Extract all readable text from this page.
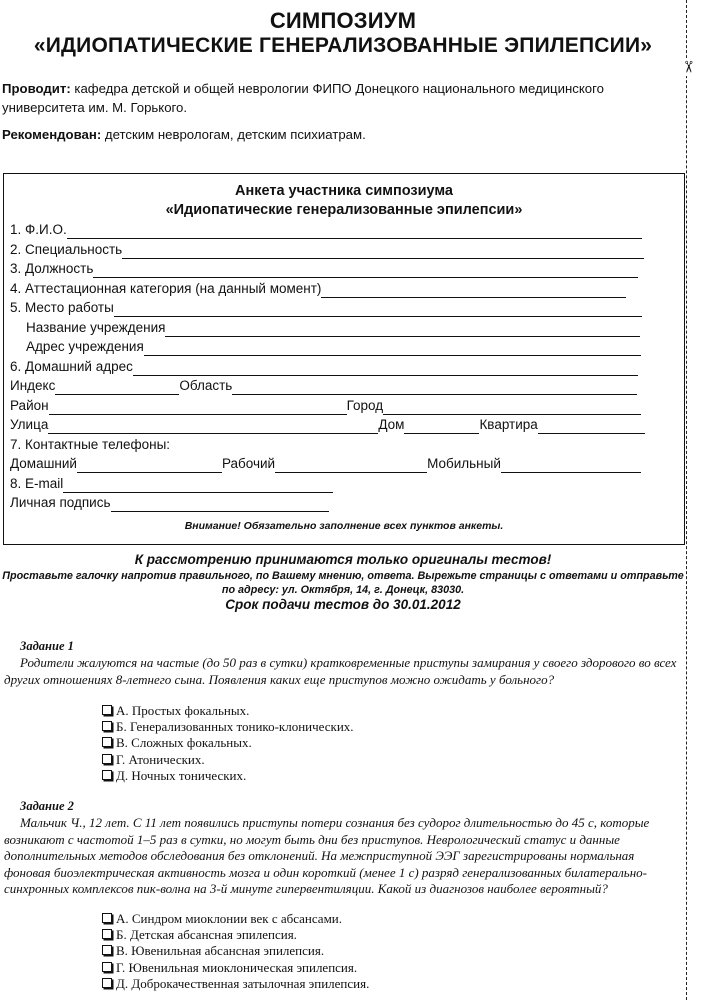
✂
СИМПОЗИУМ
«ИДИОПАТИЧЕСКИЕ ГЕНЕРАЛИЗОВАННЫЕ ЭПИЛЕПСИИ»
Проводит: кафедра детской и общей неврологии ФИПО Донецкого национального медицинского университета им. М. Горького.
Рекомендован: детским неврологам, детским психиатрам.
Анкета участника симпозиума
«Идиопатические генерализованные эпилепсии»
1. Ф.И.О.
2. Специальность
3. Должность
4. Аттестационная категория (на данный момент)
5. Место работы
Название учреждения
Адрес учреждения
6. Домашний адрес
Индекс	Область
Район	Город
Улица	Дом	Квартира
7. Контактные телефоны:
Домашний	Рабочий	Мобильный
8. E-mail
Личная подпись
Внимание! Обязательно заполнение всех пунктов анкеты.
К рассмотрению принимаются только оригиналы тестов!
Проставьте галочку напротив правильного, по Вашему мнению, ответа. Вырежьте страницы с ответами и отправьте по адресу: ул. Октября, 14, г. Донецк, 83030.
Срок подачи тестов до 30.01.2012
Задание 1
Родители жалуются на частые (до 50 раз в сутки) кратковременные приступы замирания у своего здорового во всех других отношениях 8-летнего сына. Появления каких еще приступов можно ожидать у больного?
А. Простых фокальных.
Б. Генерализованных тонико-клонических.
В. Сложных фокальных.
Г. Атонических.
Д. Ночных тонических.
Задание 2
Мальчик Ч., 12 лет. С 11 лет появились приступы потери сознания без судорог длительностью до 45 с, которые возникают с частотой 1–5 раз в сутки, но могут быть дни без приступов. Неврологический статус и данные дополнительных методов обследования без отклонений. На межприступной ЭЭГ зарегистрированы нормальная фоновая биоэлектрическая активность мозга и один короткий (менее 1 с) разряд генерализованных билатерально-синхронных комплексов пик-волна на 3-й минуте гипервентиляции. Какой из диагнозов наиболее вероятный?
А. Синдром миоклонии век с абсансами.
Б. Детская абсансная эпилепсия.
В. Ювенильная абсансная эпилепсия.
Г. Ювенильная миоклоническая эпилепсия.
Д. Доброкачественная затылочная эпилепсия.
